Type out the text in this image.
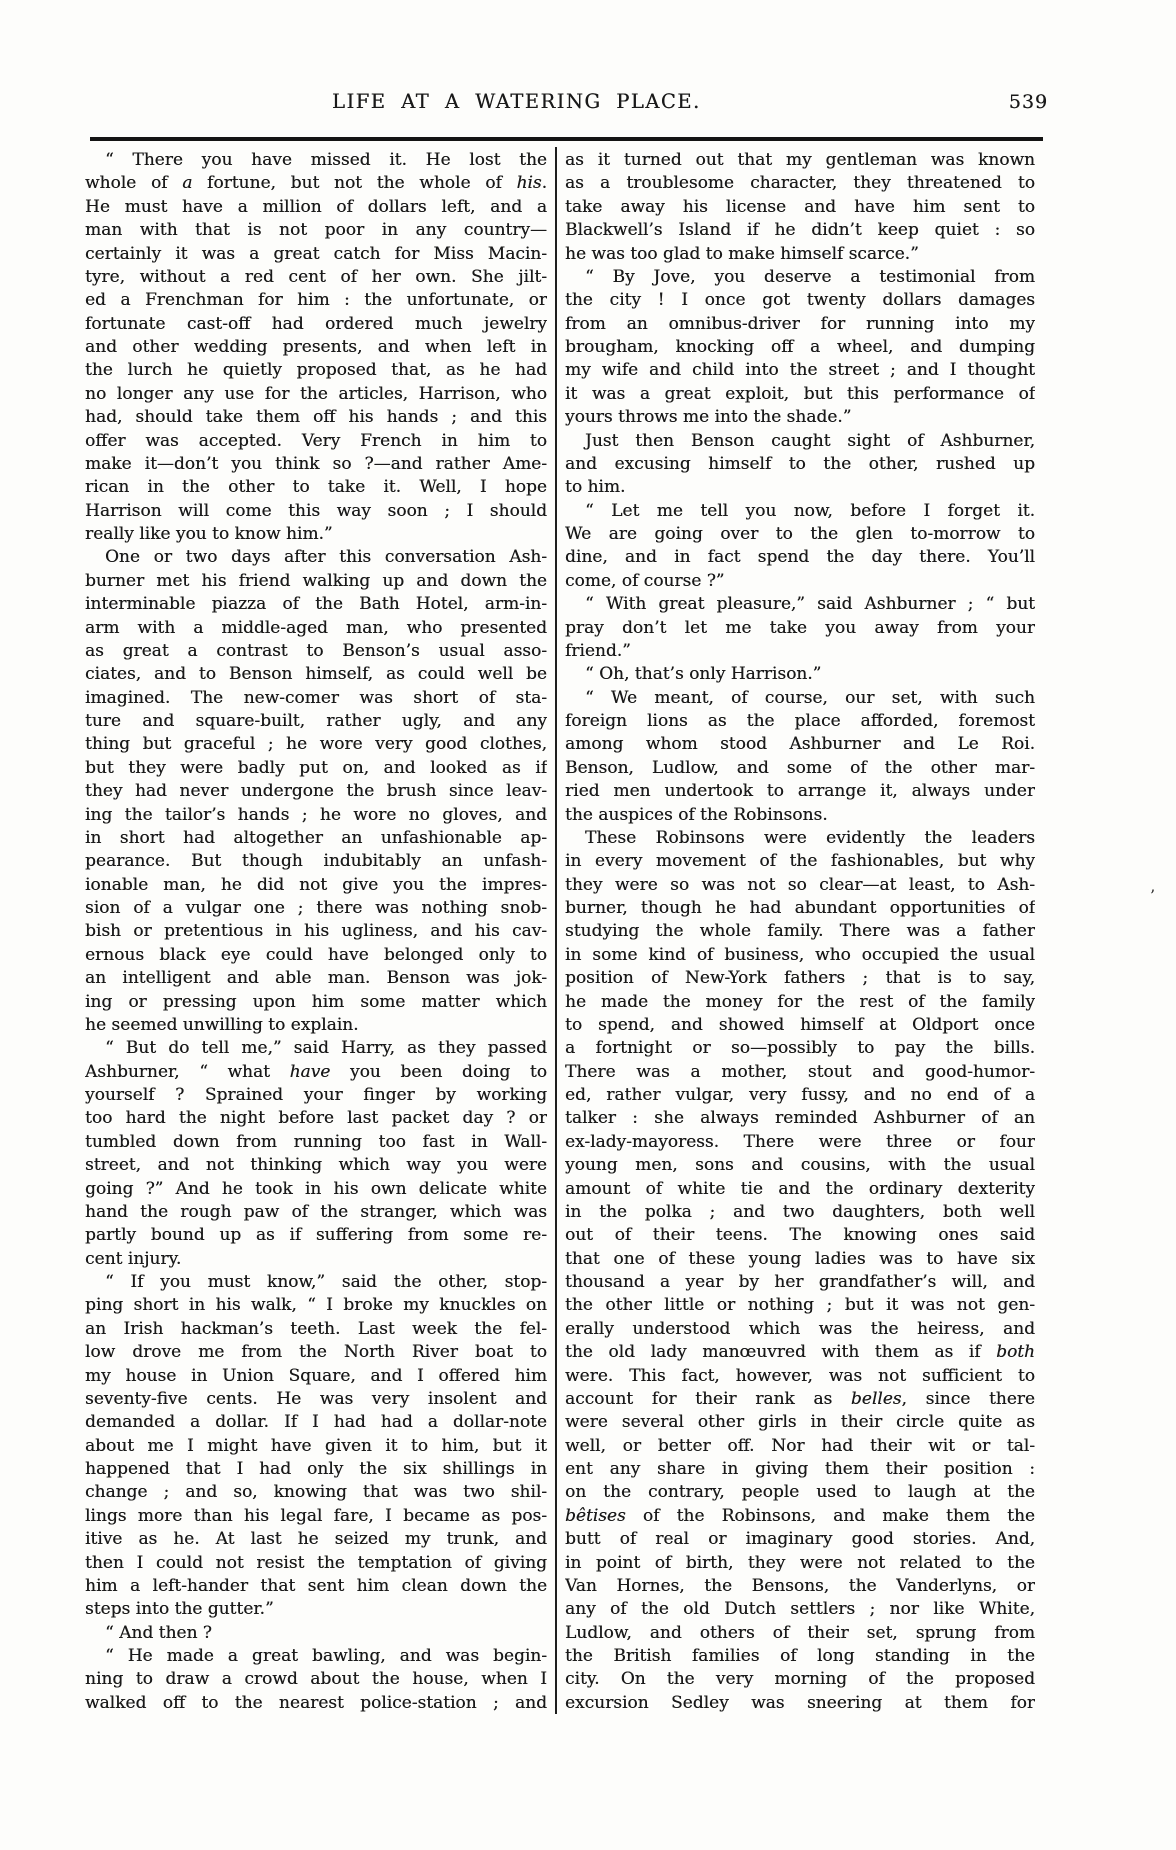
LIFE AT A WATERING PLACE.	539
“ There you have missed it. He lost the
whole of a fortune, but not the whole of his.
He must have a million of dollars left, and a
man with that is not poor in any country—
certainly it was a great catch for Miss Macin-
tyre, without a red cent of her own. She jilt-
ed a Frenchman for him : the unfortunate, or
fortunate cast-off had ordered much jewelry
and other wedding presents, and when left in
the lurch he quietly proposed that, as he had
no longer any use for the articles, Harrison, who
had, should take them off his hands ; and this
offer was accepted. Very French in him to
make it—don’t you think so ?—and rather Ame-
rican in the other to take it. Well, I hope
Harrison will come this way soon ; I should
really like you to know him.”
One or two days after this conversation Ash-
burner met his friend walking up and down the
interminable piazza of the Bath Hotel, arm-in-
arm with a middle-aged man, who presented
as great a contrast to Benson’s usual asso-
ciates, and to Benson himself, as could well be
imagined. The new-comer was short of sta-
ture and square-built, rather ugly, and any
thing but graceful ; he wore very good clothes,
but they were badly put on, and looked as if
they had never undergone the brush since leav-
ing the tailor’s hands ; he wore no gloves, and
in short had altogether an unfashionable ap-
pearance. But though indubitably an unfash-
ionable man, he did not give you the impres-
sion of a vulgar one ; there was nothing snob-
bish or pretentious in his ugliness, and his cav-
ernous black eye could have belonged only to
an intelligent and able man. Benson was jok-
ing or pressing upon him some matter which
he seemed unwilling to explain.
“ But do tell me,” said Harry, as they passed
Ashburner, “ what have you been doing to
yourself ? Sprained your finger by working
too hard the night before last packet day ? or
tumbled down from running too fast in Wall-
street, and not thinking which way you were
going ?” And he took in his own delicate white
hand the rough paw of the stranger, which was
partly bound up as if suffering from some re-
cent injury.
“ If you must know,” said the other, stop-
ping short in his walk, “ I broke my knuckles on
an Irish hackman’s teeth. Last week the fel-
low drove me from the North River boat to
my house in Union Square, and I offered him
seventy-five cents. He was very insolent and
demanded a dollar. If I had had a dollar-note
about me I might have given it to him, but it
happened that I had only the six shillings in
change ; and so, knowing that was two shil-
lings more than his legal fare, I became as pos-
itive as he. At last he seized my trunk, and
then I could not resist the temptation of giving
him a left-hander that sent him clean down the
steps into the gutter.”
“ And then ?
“ He made a great bawling, and was begin-
ning to draw a crowd about the house, when I
walked off to the nearest police-station ; and
as it turned out that my gentleman was known
as a troublesome character, they threatened to
take away his license and have him sent to
Blackwell’s Island if he didn’t keep quiet : so
he was too glad to make himself scarce.”
“ By Jove, you deserve a testimonial from
the city ! I once got twenty dollars damages
from an omnibus-driver for running into my
brougham, knocking off a wheel, and dumping
my wife and child into the street ; and I thought
it was a great exploit, but this performance of
yours throws me into the shade.”
Just then Benson caught sight of Ashburner,
and excusing himself to the other, rushed up
to him.
“ Let me tell you now, before I forget it.
We are going over to the glen to-morrow to
dine, and in fact spend the day there. You’ll
come, of course ?”
“ With great pleasure,” said Ashburner ; “ but
pray don’t let me take you away from your
friend.”
“ Oh, that’s only Harrison.”
“ We meant, of course, our set, with such
foreign lions as the place afforded, foremost
among whom stood Ashburner and Le Roi.
Benson, Ludlow, and some of the other mar-
ried men undertook to arrange it, always under
the auspices of the Robinsons.
These Robinsons were evidently the leaders
in every movement of the fashionables, but why
they were so was not so clear—at least, to Ash-
burner, though he had abundant opportunities of
studying the whole family. There was a father
in some kind of business, who occupied the usual
position of New-York fathers ; that is to say,
he made the money for the rest of the family
to spend, and showed himself at Oldport once
a fortnight or so—possibly to pay the bills.
There was a mother, stout and good-humor-
ed, rather vulgar, very fussy, and no end of a
talker : she always reminded Ashburner of an
ex-lady-mayoress. There were three or four
young men, sons and cousins, with the usual
amount of white tie and the ordinary dexterity
in the polka ; and two daughters, both well
out of their teens. The knowing ones said
that one of these young ladies was to have six
thousand a year by her grandfather’s will, and
the other little or nothing ; but it was not gen-
erally understood which was the heiress, and
the old lady manœuvred with them as if both
were. This fact, however, was not sufficient to
account for their rank as belles, since there
were several other girls in their circle quite as
well, or better off. Nor had their wit or tal-
ent any share in giving them their position :
on the contrary, people used to laugh at the
bêtises of the Robinsons, and make them the
butt of real or imaginary good stories. And,
in point of birth, they were not related to the
Van Hornes, the Bensons, the Vanderlyns, or
any of the old Dutch settlers ; nor like White,
Ludlow, and others of their set, sprung from
the British families of long standing in the
city. On the very morning of the proposed
excursion Sedley was sneering at them for
’
